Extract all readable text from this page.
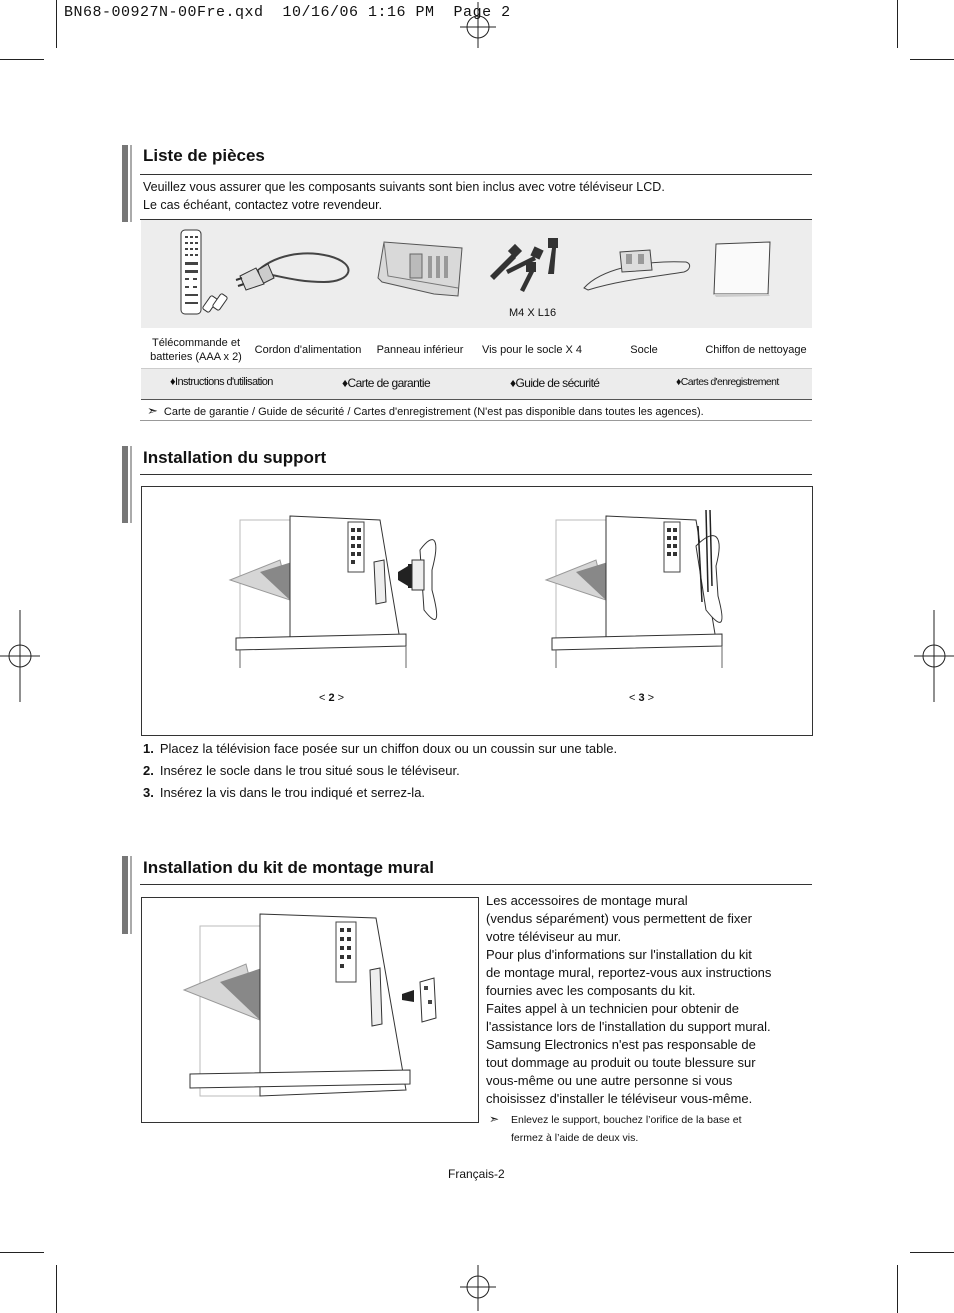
BN68-00927N-00Fre.qxd  10/16/06 1:16 PM  Page 2
Liste de pièces
Veuillez vous assurer que les composants suivants sont bien inclus avec votre téléviseur LCD.
Le cas échéant, contactez votre revendeur.
M4 X L16
Télécommande et
batteries (AAA x 2)
Cordon d'alimentation	Panneau inférieur	Vis pour le socle X 4	Socle	Chiffon de nettoyage
♦Instructions d'utilisation	♦Carte de garantie	♦Guide de sécurité	♦Cartes d'enregistrement
➣ Carte de garantie / Guide de sécurité / Cartes d'enregistrement (N'est pas disponible dans toutes les agences).
Installation du support
< 2 >	< 3 >
1. Placez la télévision face posée sur un chiffon doux ou un coussin sur une table.
2. Insérez le socle dans le trou situé sous le téléviseur.
3. Insérez la vis dans le trou indiqué et serrez-la.
Installation du kit de montage mural
Les accessoires de montage mural
(vendus séparément) vous permettent de fixer
votre téléviseur au mur.
Pour plus d'informations sur l'installation du kit
de montage mural, reportez-vous aux instructions
fournies avec les composants du kit.
Faites appel à un technicien pour obtenir de
l'assistance lors de l'installation du support mural.
Samsung Electronics n'est pas responsable de
tout dommage au produit ou toute blessure sur
vous-même ou une autre personne si vous
choisissez d'installer le téléviseur vous-même.
➣ Enlevez le support, bouchez l’orifice de la base et
fermez à l’aide de deux vis.
Français-2
